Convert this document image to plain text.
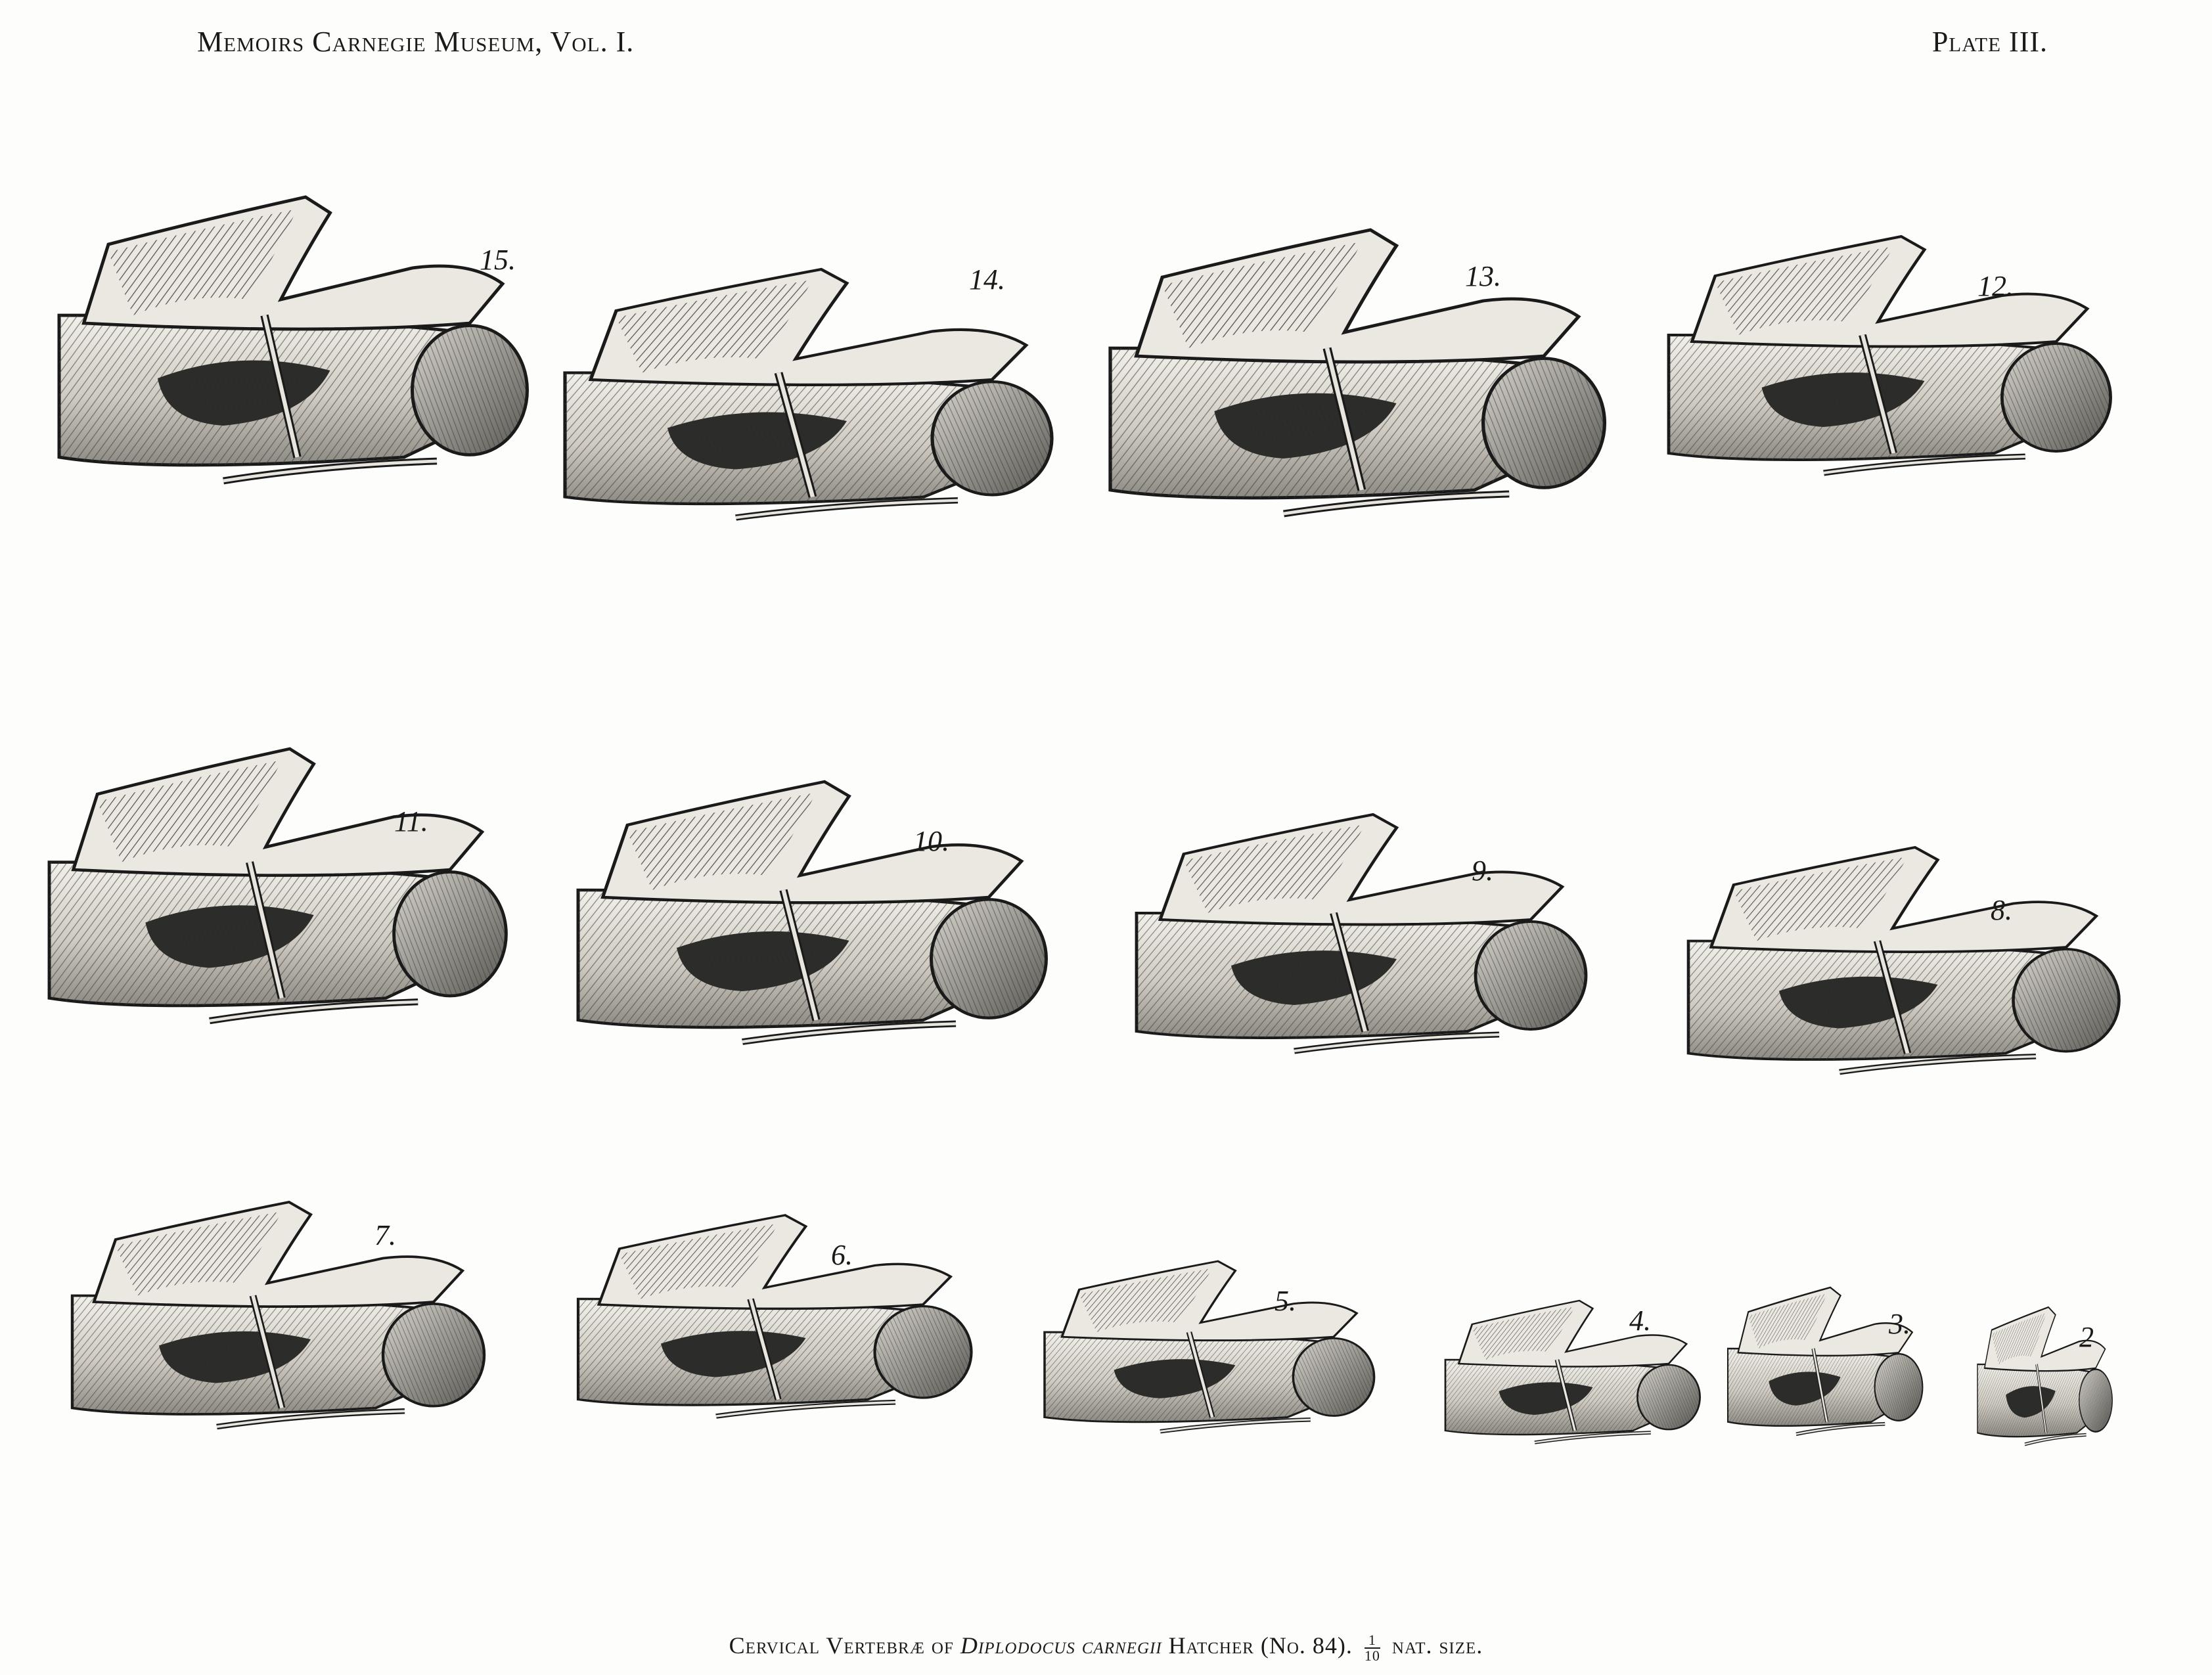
Memoirs Carnegie Museum, Vol. I.	Plate III.
15.
14.	13.	12.
11.
10.
9.
8.
7.
6.
5.
4.	3.	2
Cervical Vertebræ of Diplodocus carnegii Hatcher (No. 84). $\frac{1}{10}$ nat. size.
